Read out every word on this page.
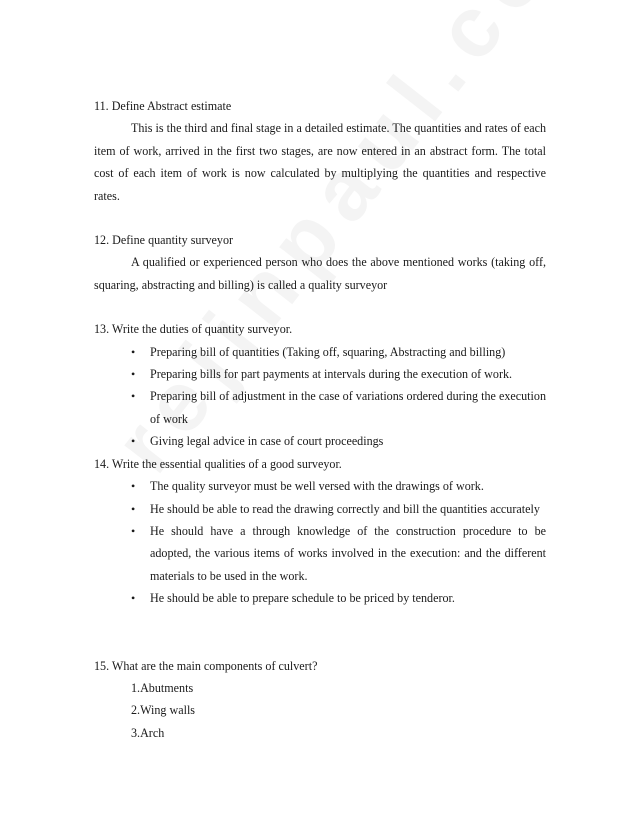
11. Define Abstract estimate

This is the third and final stage in a detailed estimate. The quantities and rates of each item of work, arrived in the first two stages, are now entered in an abstract form. The total cost of each item of work is now calculated by multiplying the quantities and respective rates.

12. Define quantity surveyor

A qualified or experienced person who does the above mentioned works (taking off, squaring, abstracting and billing) is called a quality surveyor

13. Write the duties of quantity surveyor.

• Preparing bill of quantities (Taking off, squaring, Abstracting and billing)
• Preparing bills for part payments at intervals during the execution of work.
• Preparing bill of adjustment in the case of variations ordered during the execution of work
• Giving legal advice in case of court proceedings

14. Write the essential qualities of a good surveyor.

• The quality surveyor must be well versed with the drawings of work.
• He should be able to read the drawing correctly and bill the quantities accurately
• He should have a through knowledge of the construction procedure to be adopted, the various items of works involved in the execution: and the different materials to be used in the work.
• He should be able to prepare schedule to be priced by tenderor.

15. What are the main components of culvert?

1.Abutments
2.Wing walls
3.Arch
